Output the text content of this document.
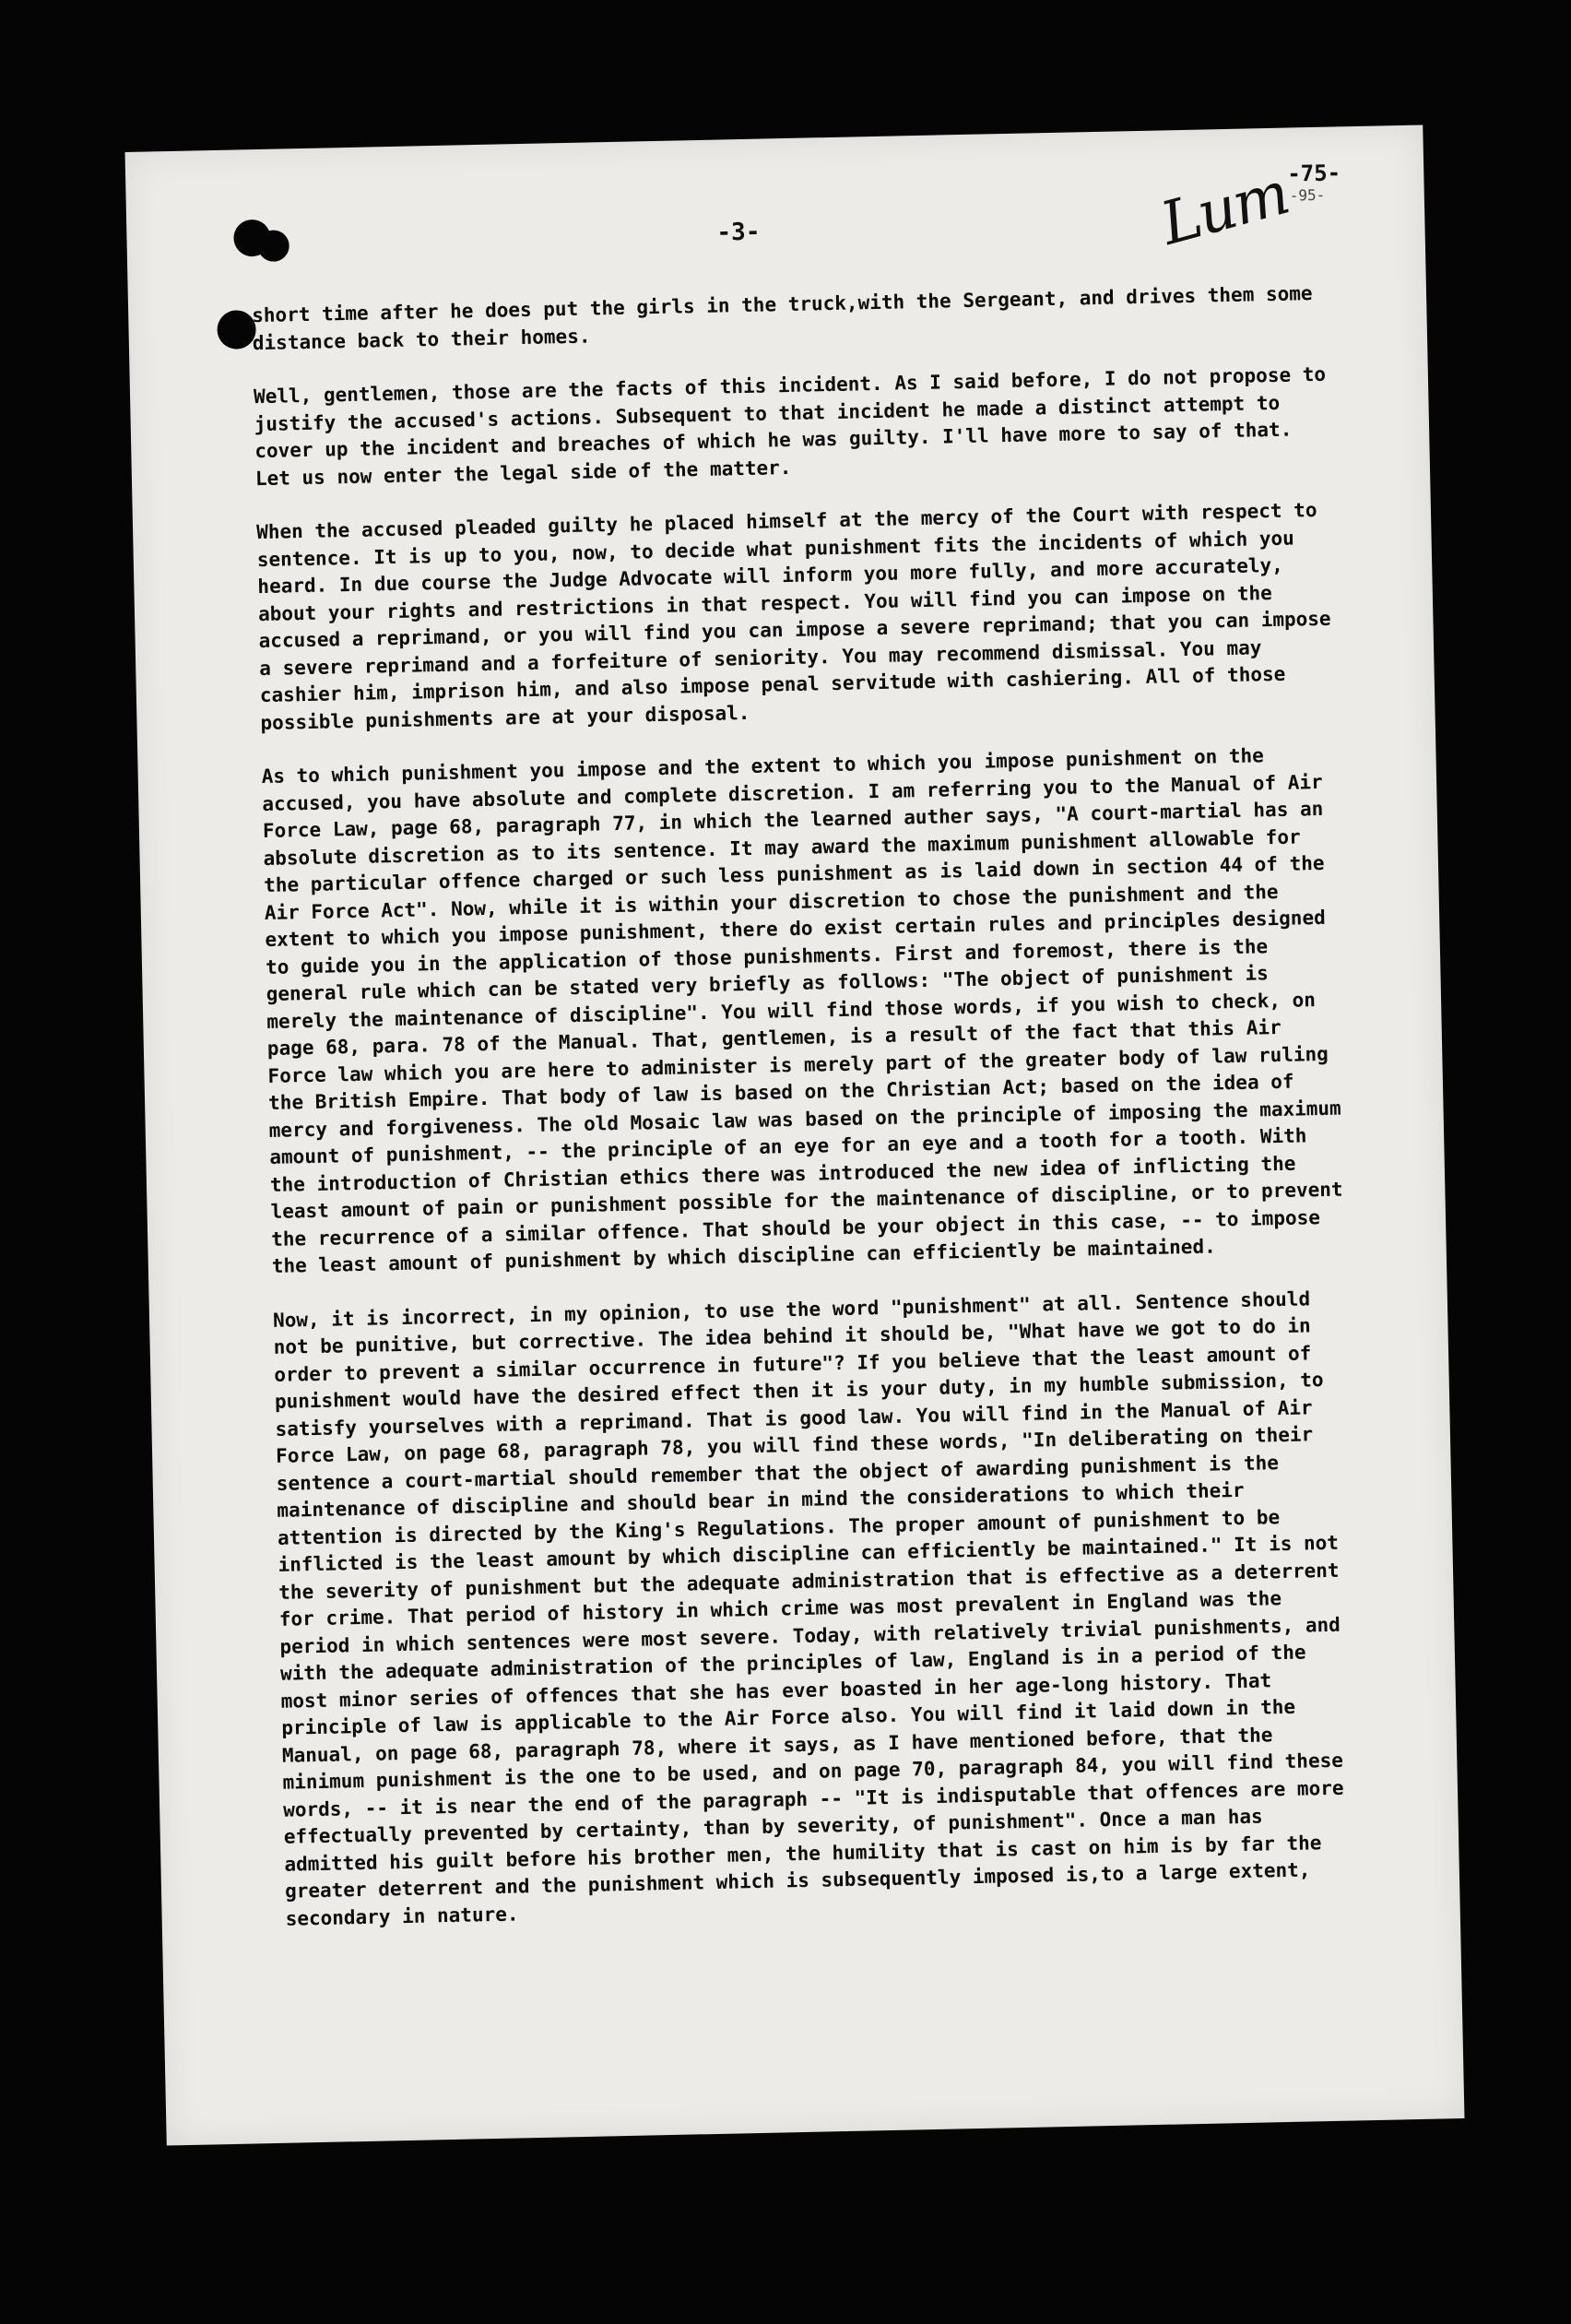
Lum
-75-
-95-
-3-

short time after he does put the girls in the truck,with the Sergeant, and drives them some distance back to their homes.

Well, gentlemen, those are the facts of this incident. As I said before, I do not propose to justify the accused's actions. Subsequent to that incident he made a distinct attempt to cover up the incident and breaches of which he was guilty. I'll have more to say of that. Let us now enter the legal side of the matter.

When the accused pleaded guilty he placed himself at the mercy of the Court with respect to sentence. It is up to you, now, to decide what punishment fits the incidents of which you heard. In due course the Judge Advocate will inform you more fully, and more accurately, about your rights and restrictions in that respect. You will find you can impose on the accused a reprimand, or you will find you can impose a severe reprimand; that you can impose a severe reprimand and a forfeiture of seniority. You may recommend dismissal. You may cashier him, imprison him, and also impose penal servitude with cashiering. All of those possible punishments are at your disposal.

As to which punishment you impose and the extent to which you impose punishment on the accused, you have absolute and complete discretion. I am referring you to the Manual of Air Force Law, page 68, paragraph 77, in which the learned auther says, "A court-martial has an absolute discretion as to its sentence. It may award the maximum punishment allowable for the particular offence charged or such less punishment as is laid down in section 44 of the Air Force Act". Now, while it is within your discretion to chose the punishment and the extent to which you impose punishment, there do exist certain rules and principles designed to guide you in the application of those punishments. First and foremost, there is the general rule which can be stated very briefly as follows: "The object of punishment is merely the maintenance of discipline". You will find those words, if you wish to check, on page 68, para. 78 of the Manual. That, gentlemen, is a result of the fact that this Air Force law which you are here to administer is merely part of the greater body of law ruling the British Empire. That body of law is based on the Christian Act; based on the idea of mercy and forgiveness. The old Mosaic law was based on the principle of imposing the maximum amount of punishment, -- the principle of an eye for an eye and a tooth for a tooth. With the introduction of Christian ethics there was introduced the new idea of inflicting the least amount of pain or punishment possible for the maintenance of discipline, or to prevent the recurrence of a similar offence. That should be your object in this case, -- to impose the least amount of punishment by which discipline can efficiently be maintained.

Now, it is incorrect, in my opinion, to use the word "punishment" at all. Sentence should not be punitive, but corrective. The idea behind it should be, "What have we got to do in order to prevent a similar occurrence in future"? If you believe that the least amount of punishment would have the desired effect then it is your duty, in my humble submission, to satisfy yourselves with a reprimand. That is good law. You will find in the Manual of Air Force Law, on page 68, paragraph 78, you will find these words, "In deliberating on their sentence a court-martial should remember that the object of awarding punishment is the maintenance of discipline and should bear in mind the considerations to which their attention is directed by the King's Regulations. The proper amount of punishment to be inflicted is the least amount by which discipline can efficiently be maintained." It is not the severity of punishment but the adequate administration that is effective as a deterrent for crime. That period of history in which crime was most prevalent in England was the period in which sentences were most severe. Today, with relatively trivial punishments, and with the adequate administration of the principles of law, England is in a period of the most minor series of offences that she has ever boasted in her age-long history. That principle of law is applicable to the Air Force also. You will find it laid down in the Manual, on page 68, paragraph 78, where it says, as I have mentioned before, that the minimum punishment is the one to be used, and on page 70, paragraph 84, you will find these words, -- it is near the end of the paragraph -- "It is indisputable that offences are more effectually prevented by certainty, than by severity, of punishment". Once a man has admitted his guilt before his brother men, the humility that is cast on him is by far the greater deterrent and the punishment which is subsequently imposed is,to a large extent, secondary in nature.
